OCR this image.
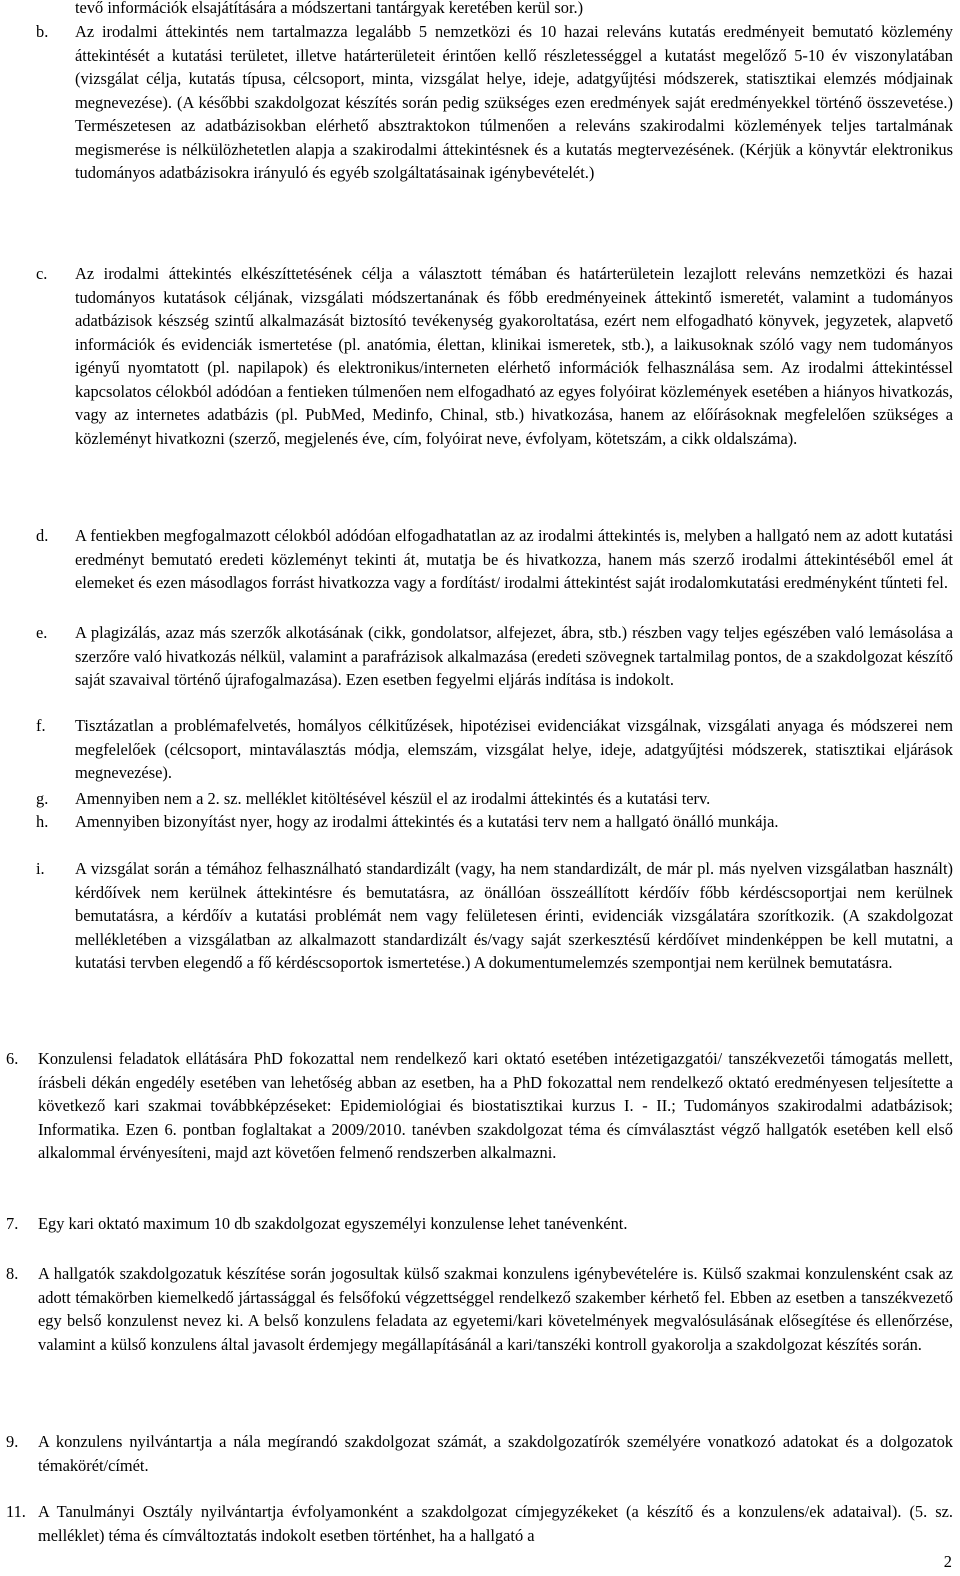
tevő információk elsajátítására a módszertani tantárgyak keretében kerül sor.)
b.	Az irodalmi áttekintés nem tartalmazza legalább 5 nemzetközi és 10 hazai releváns kutatás eredményeit bemutató közlemény áttekintését a kutatási területet, illetve határterületeit érintően kellő részletességgel a kutatást megelőző 5-10 év viszonylatában (vizsgálat célja, kutatás típusa, célcsoport, minta, vizsgálat helye, ideje, adatgyűjtési módszerek, statisztikai elemzés módjainak megnevezése). (A későbbi szakdolgozat készítés során pedig szükséges ezen eredmények saját eredményekkel történő összevetése.) Természetesen az adatbázisokban elérhető absztraktokon túlmenően a releváns szakirodalmi közlemények teljes tartalmának megismerése is nélkülözhetetlen alapja a szakirodalmi áttekintésnek és a kutatás megtervezésének. (Kérjük a könyvtár elektronikus tudományos adatbázisokra irányuló és egyéb szolgáltatásainak igénybevételét.)
c.	Az irodalmi áttekintés elkészíttetésének célja a választott témában és határterületein lezajlott releváns nemzetközi és hazai tudományos kutatások céljának, vizsgálati módszertanának és főbb eredményeinek áttekintő ismeretét, valamint a tudományos adatbázisok készség szintű alkalmazását biztosító tevékenység gyakoroltatása, ezért nem elfogadható könyvek, jegyzetek, alapvető információk és evidenciák ismertetése (pl. anatómia, élettan, klinikai ismeretek, stb.), a laikusoknak szóló vagy nem tudományos igényű nyomtatott (pl. napilapok) és elektronikus/interneten elérhető információk felhasználása sem. Az irodalmi áttekintéssel kapcsolatos célokból adódóan a fentieken túlmenően nem elfogadható az egyes folyóirat közlemények esetében a hiányos hivatkozás, vagy az internetes adatbázis (pl. PubMed, Medinfo, Chinal, stb.) hivatkozása, hanem az előírásoknak megfelelően szükséges a közleményt hivatkozni (szerző, megjelenés éve, cím, folyóirat neve, évfolyam, kötetszám, a cikk oldalszáma).
d.	A fentiekben megfogalmazott célokból adódóan elfogadhatatlan az az irodalmi áttekintés is, melyben a hallgató nem az adott kutatási eredményt bemutató eredeti közleményt tekinti át, mutatja be és hivatkozza, hanem más szerző irodalmi áttekintéséből emel át elemeket és ezen másodlagos forrást hivatkozza vagy a fordítást/ irodalmi áttekintést saját irodalomkutatási eredményként tűnteti fel.
e.	A plagizálás, azaz más szerzők alkotásának (cikk, gondolatsor, alfejezet, ábra, stb.) részben vagy teljes egészében való lemásolása a szerzőre való hivatkozás nélkül, valamint a parafrázisok alkalmazása (eredeti szövegnek tartalmilag pontos, de a szakdolgozat készítő saját szavaival történő újrafogalmazása). Ezen esetben fegyelmi eljárás indítása is indokolt.
f.	Tisztázatlan a problémafelvetés, homályos célkitűzések, hipotézisei evidenciákat vizsgálnak, vizsgálati anyaga és módszerei nem megfelelőek (célcsoport, mintaválasztás módja, elemszám, vizsgálat helye, ideje, adatgyűjtési módszerek, statisztikai eljárások megnevezése).
g.	Amennyiben nem a 2. sz. melléklet kitöltésével készül el az irodalmi áttekintés és a kutatási terv.
h.	Amennyiben bizonyítást nyer, hogy az irodalmi áttekintés és a kutatási terv nem a hallgató önálló munkája.
i.	A vizsgálat során a témához felhasználható standardizált (vagy, ha nem standardizált, de már pl. más nyelven vizsgálatban használt) kérdőívek nem kerülnek áttekintésre és bemutatásra, az önállóan összeállított kérdőív főbb kérdéscsoportjai nem kerülnek bemutatásra, a kérdőív a kutatási problémát nem vagy felületesen érinti, evidenciák vizsgálatára szorítkozik. (A szakdolgozat mellékletében a vizsgálatban az alkalmazott standardizált és/vagy saját szerkesztésű kérdőívet mindenképpen be kell mutatni, a kutatási tervben elegendő a fő kérdéscsoportok ismertetése.) A dokumentumelemzés szempontjai nem kerülnek bemutatásra.
6.	Konzulensi feladatok ellátására PhD fokozattal nem rendelkező kari oktató esetében intézetigazgatói/ tanszékvezetői támogatás mellett, írásbeli dékán engedély esetében van lehetőség abban az esetben, ha a PhD fokozattal nem rendelkező oktató eredményesen teljesítette a következő kari szakmai továbbképzéseket: Epidemiológiai és biostatisztikai kurzus I. - II.; Tudományos szakirodalmi adatbázisok; Informatika. Ezen 6. pontban foglaltakat a 2009/2010. tanévben szakdolgozat téma és címválasztást végző hallgatók esetében kell első alkalommal érvényesíteni, majd azt követően felmenő rendszerben alkalmazni.
7.	Egy kari oktató maximum 10 db szakdolgozat egyszemélyi konzulense lehet tanévenként.
8.	A hallgatók szakdolgozatuk készítése során jogosultak külső szakmai konzulens igénybevételére is. Külső szakmai konzulensként csak az adott témakörben kiemelkedő jártassággal és felsőfokú végzettséggel rendelkező szakember kérhető fel. Ebben az esetben a tanszékvezető egy belső konzulenst nevez ki. A belső konzulens feladata az egyetemi/kari követelmények megvalósulásának elősegítése és ellenőrzése, valamint a külső konzulens által javasolt érdemjegy megállapításánál a kari/tanszéki kontroll gyakorolja a szakdolgozat készítés során.
9.	A konzulens nyilvántartja a nála megírandó szakdolgozat számát, a szakdolgozatírók személyére vonatkozó adatokat és a dolgozatok témakörét/címét.
11. A Tanulmányi Osztály nyilvántartja évfolyamonként a szakdolgozat címjegyzékeket (a készítő és a konzulens/ek adataival). (5. sz. melléklet) téma és címváltoztatás indokolt esetben történhet, ha a hallgató a
2
